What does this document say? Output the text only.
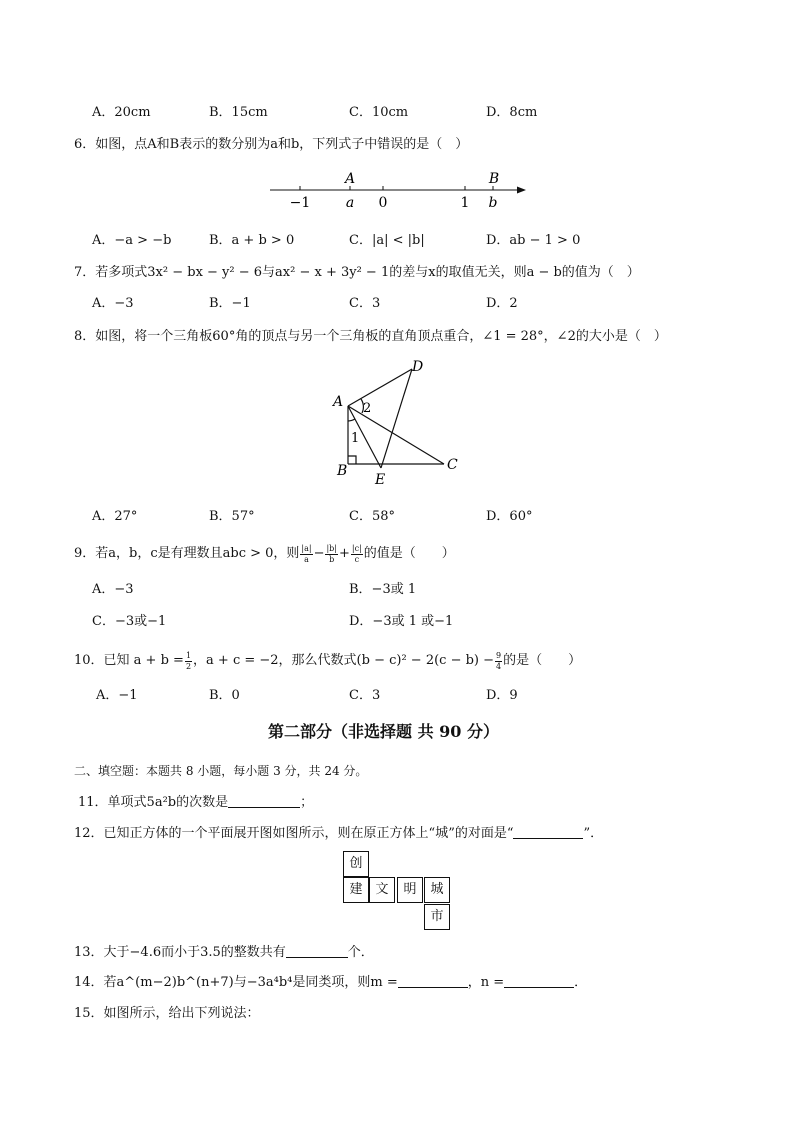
A．20cm	B．15cm	C．10cm	D．8cm
6．如图，点A和B表示的数分别为a和b，下列式子中错误的是（　）
−1	0	1
a	b
A	B
A．−a > −b	B．a + b > 0	C．|a| < |b|	D．ab − 1 > 0
7．若多项式3x² − bx − y² − 6与ax² − x + 3y² − 1的差与x的取值无关，则a − b的值为（　）
A．−3	B．−1	C．3	D．2
8．如图，将一个三角板60°角的顶点与另一个三角板的直角顶点重合，∠1 = 28°，∠2的大小是（　）
A
B	C
D
E
1
2
A．27°	B．57°	C．58°	D．60°
9．若a，b，c是有理数且abc > 0，则 $\frac{|a|}{a} - \frac{|b|}{b} + \frac{|c|}{c}$ 的值是（　　）
A．−3	B．−3或 1
C．−3或−1	D．−3或 1 或−1
10．已知 $a + b = \frac{1}{2}$ ，a + c = −2，那么代数式$(b - c)^2 - 2(c - b) - \frac{9}{4}$ 的是（　　）
A．−1	B．0	C．3	D．9
第二部分（非选择题 共 90 分）
二、填空题：本题共 8 小题，每小题 3 分，共 24 分。
11．单项式5a²b的次数是	；
12．已知正方体的一个平面展开图如图所示，则在原正方体上“城”的对面是“	”．
创
建 文	明	城
市
13．大于−4.6而小于3.5的整数共有	个．
14．若a^(m−2)b^(n+7)与−3a⁴b⁴是同类项，则m =	，n =	．
15．如图所示，给出下列说法：
